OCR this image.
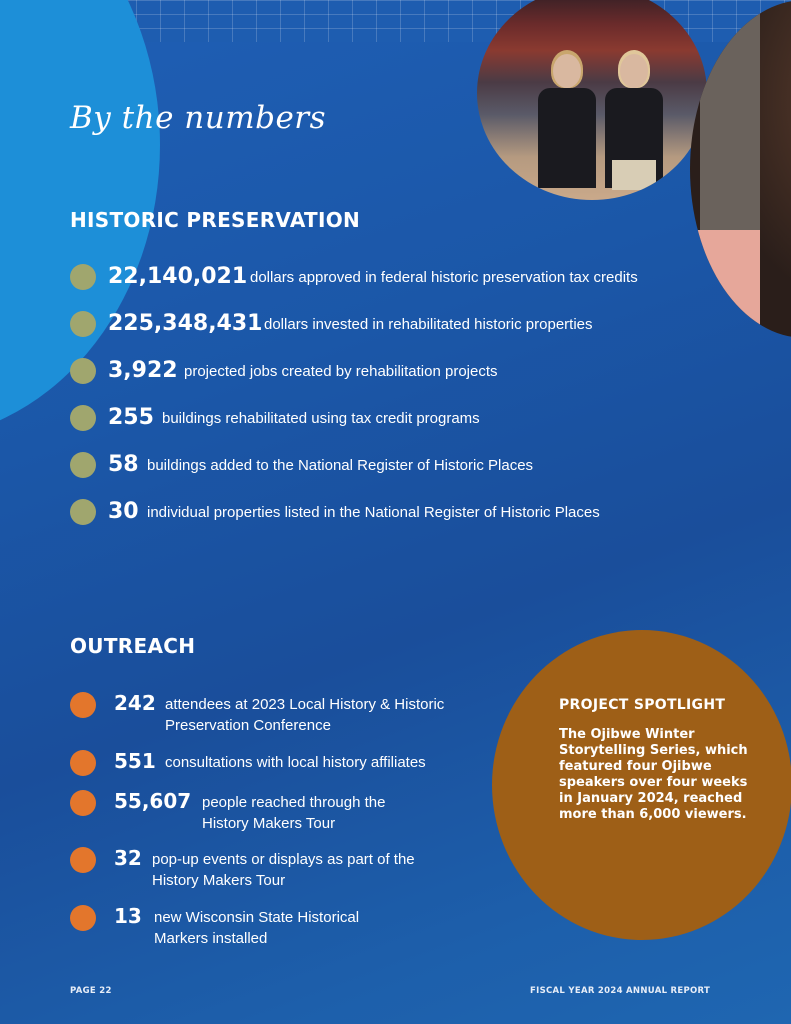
By the numbers
HISTORIC PRESERVATION
22,140,021 dollars approved in federal historic preservation tax credits
225,348,431 dollars invested in rehabilitated historic properties
3,922 projected jobs created by rehabilitation projects
255 buildings rehabilitated using tax credit programs
58 buildings added to the National Register of Historic Places
30 individual properties listed in the National Register of Historic Places
OUTREACH
242 attendees at 2023 Local History & Historic
Preservation Conference
551 consultations with local history affiliates
55,607 people reached through the
History Makers Tour
32 pop-up events or displays as part of the
History Makers Tour
13 new Wisconsin State Historical
Markers installed
PROJECT SPOTLIGHT
The Ojibwe Winter Storytelling Series, which featured four Ojibwe speakers over four weeks in January 2024, reached more than 6,000 viewers.
PAGE 22	FISCAL YEAR 2024 ANNUAL REPORT
